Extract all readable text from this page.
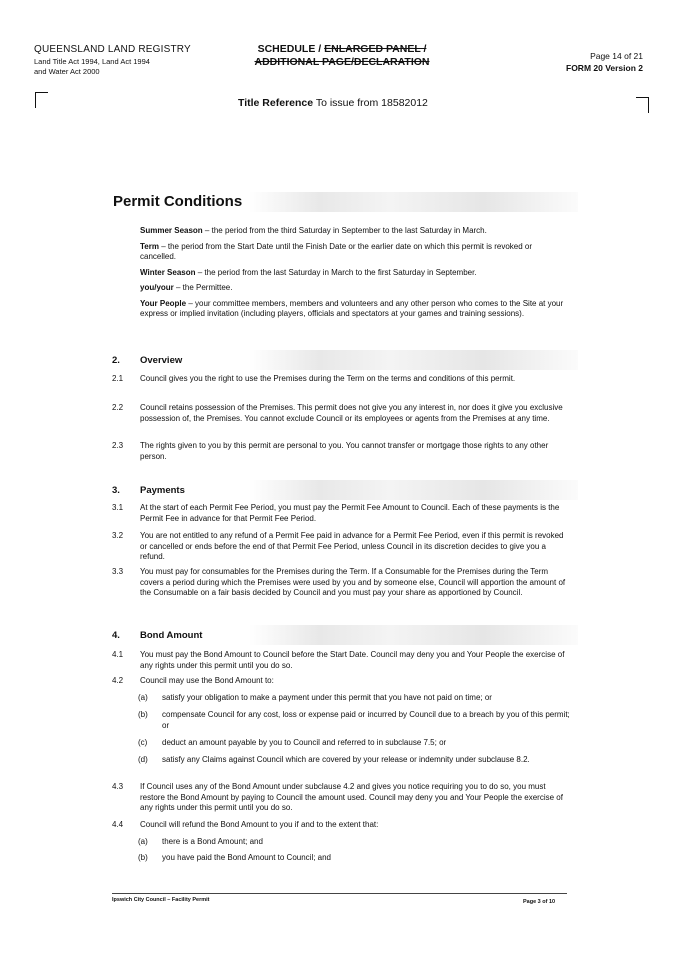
QUEENSLAND LAND REGISTRY
Land Title Act 1994, Land Act 1994
and Water Act 2000
SCHEDULE / ENLARGED PANEL /
ADDITIONAL PAGE/DECLARATION	Page 14 of 21
FORM 20 Version 2
Title Reference To issue from 18582012
Permit Conditions
Summer Season – the period from the third Saturday in September to the last Saturday in March.
Term – the period from the Start Date until the Finish Date or the earlier date on which this permit is revoked or cancelled.
Winter Season – the period from the last Saturday in March to the first Saturday in September.
you/your – the Permittee.
Your People – your committee members, members and volunteers and any other person who comes to the Site at your express or implied invitation (including players, officials and spectators at your games and training sessions).
2. Overview
2.1 Council gives you the right to use the Premises during the Term on the terms and conditions of this permit.
2.2 Council retains possession of the Premises. This permit does not give you any interest in, nor does it give you exclusive possession of, the Premises. You cannot exclude Council or its employees or agents from the Premises at any time.
2.3 The rights given to you by this permit are personal to you. You cannot transfer or mortgage those rights to any other person.
3. Payments
3.1 At the start of each Permit Fee Period, you must pay the Permit Fee Amount to Council. Each of these payments is the Permit Fee in advance for that Permit Fee Period.
3.2 You are not entitled to any refund of a Permit Fee paid in advance for a Permit Fee Period, even if this permit is revoked or cancelled or ends before the end of that Permit Fee Period, unless Council in its discretion decides to give you a refund.
3.3 You must pay for consumables for the Premises during the Term. If a Consumable for the Premises during the Term covers a period during which the Premises were used by you and by someone else, Council will apportion the amount of the Consumable on a fair basis decided by Council and you must pay your share as apportioned by Council.
4. Bond Amount
4.1 You must pay the Bond Amount to Council before the Start Date. Council may deny you and Your People the exercise of any rights under this permit until you do so.
4.2 Council may use the Bond Amount to:
(a) satisfy your obligation to make a payment under this permit that you have not paid on time; or
(b) compensate Council for any cost, loss or expense paid or incurred by Council due to a breach by you of this permit; or
(c) deduct an amount payable by you to Council and referred to in subclause 7.5; or
(d) satisfy any Claims against Council which are covered by your release or indemnity under subclause 8.2.
4.3 If Council uses any of the Bond Amount under subclause 4.2 and gives you notice requiring you to do so, you must restore the Bond Amount by paying to Council the amount used. Council may deny you and Your People the exercise of any rights under this permit until you do so.
4.4 Council will refund the Bond Amount to you if and to the extent that:
(a) there is a Bond Amount; and
(b) you have paid the Bond Amount to Council; and
Ipswich City Council – Facility Permit	Page 3 of 10
